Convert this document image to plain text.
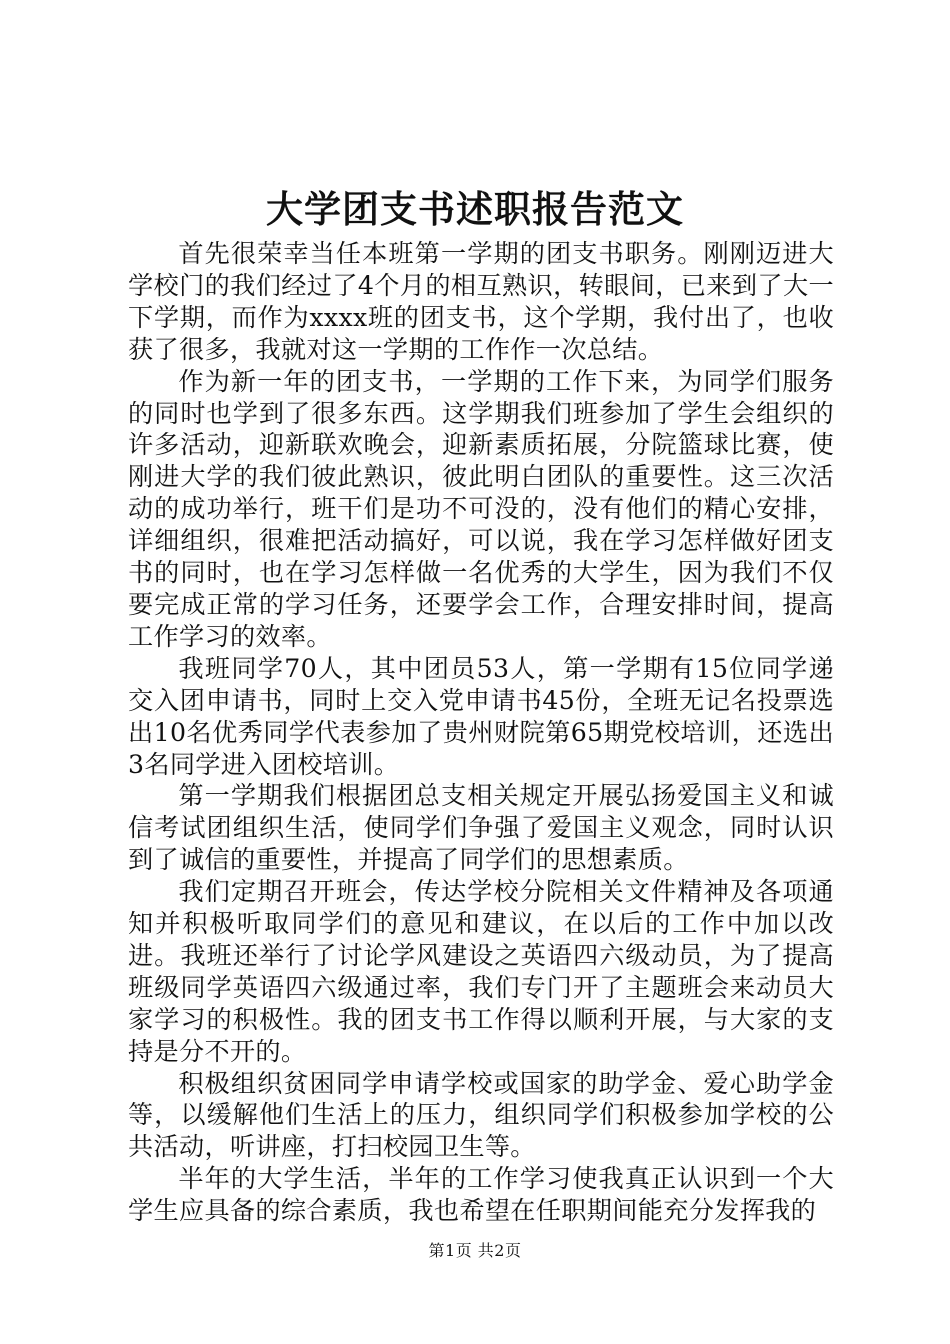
大学团支书述职报告范文

首先很荣幸当任本班第一学期的团支书职务。刚刚迈进大学校门的我们经过了4个月的相互熟识，转眼间，已来到了大一下学期，而作为xxxx班的团支书，这个学期，我付出了，也收获了很多，我就对这一学期的工作作一次总结。

作为新一年的团支书，一学期的工作下来，为同学们服务的同时也学到了很多东西。这学期我们班参加了学生会组织的许多活动，迎新联欢晚会，迎新素质拓展，分院篮球比赛，使刚进大学的我们彼此熟识，彼此明白团队的重要性。这三次活动的成功举行，班干们是功不可没的，没有他们的精心安排，详细组织，很难把活动搞好，可以说，我在学习怎样做好团支书的同时，也在学习怎样做一名优秀的大学生，因为我们不仅要完成正常的学习任务，还要学会工作，合理安排时间，提高工作学习的效率。

我班同学70人，其中团员53人，第一学期有15位同学递交入团申请书，同时上交入党申请书45份，全班无记名投票选出10名优秀同学代表参加了贵州财院第65期党校培训，还选出3名同学进入团校培训。

第一学期我们根据团总支相关规定开展弘扬爱国主义和诚信考试团组织生活，使同学们争强了爱国主义观念，同时认识到了诚信的重要性，并提高了同学们的思想素质。

我们定期召开班会，传达学校分院相关文件精神及各项通知并积极听取同学们的意见和建议，在以后的工作中加以改进。我班还举行了讨论学风建设之英语四六级动员，为了提高班级同学英语四六级通过率，我们专门开了主题班会来动员大家学习的积极性。我的团支书工作得以顺利开展，与大家的支持是分不开的。

积极组织贫困同学申请学校或国家的助学金、爱心助学金等，以缓解他们生活上的压力，组织同学们积极参加学校的公共活动，听讲座，打扫校园卫生等。

半年的大学生活，半年的工作学习使我真正认识到一个大学生应具备的综合素质，我也希望在任职期间能充分发挥我的

第1页 共2页
